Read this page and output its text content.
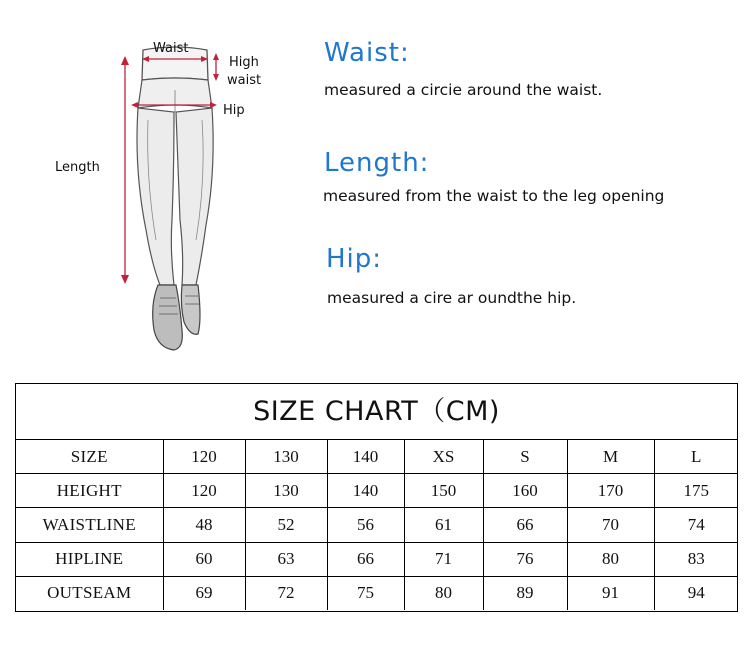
Waist
High
waist
Hip
Length
Waist:
measured a circie around the waist.
Length:
measured from the waist to the leg opening
Hip:
measured a cire ar oundthe hip.
SIZE CHART（CM)
SIZE	120	130	140	XS	S	M	L
HEIGHT	120	130	140	150	160	170	175
WAISTLINE	48	52	56	61	66	70	74
HIPLINE	60	63	66	71	76	80	83
OUTSEAM	69	72	75	80	89	91	94
